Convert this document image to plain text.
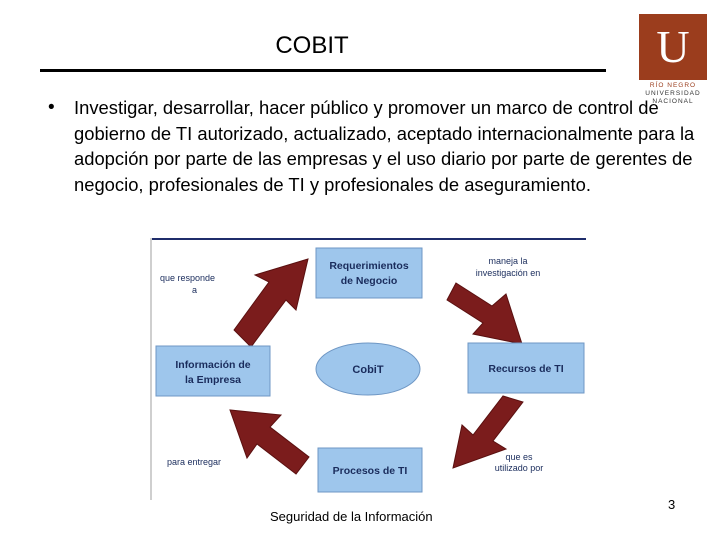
COBIT	U
RÍO NEGRO
UNIVERSIDAD
NACIONAL
• Investigar, desarrollar, hacer público y promover un marco de control de gobierno de TI autorizado, actualizado, aceptado internacionalmente para la adopción por parte de las empresas y el uso diario por parte de gerentes de negocio, profesionales de TI y profesionales de aseguramiento.

Requerimientos
de Negocio
CobiT	Recursos de TI
Procesos de TI
Información de
la Empresa
maneja la
investigación en
que es
utilizado por
para entregar
que responde
a
Seguridad de la Información
3
